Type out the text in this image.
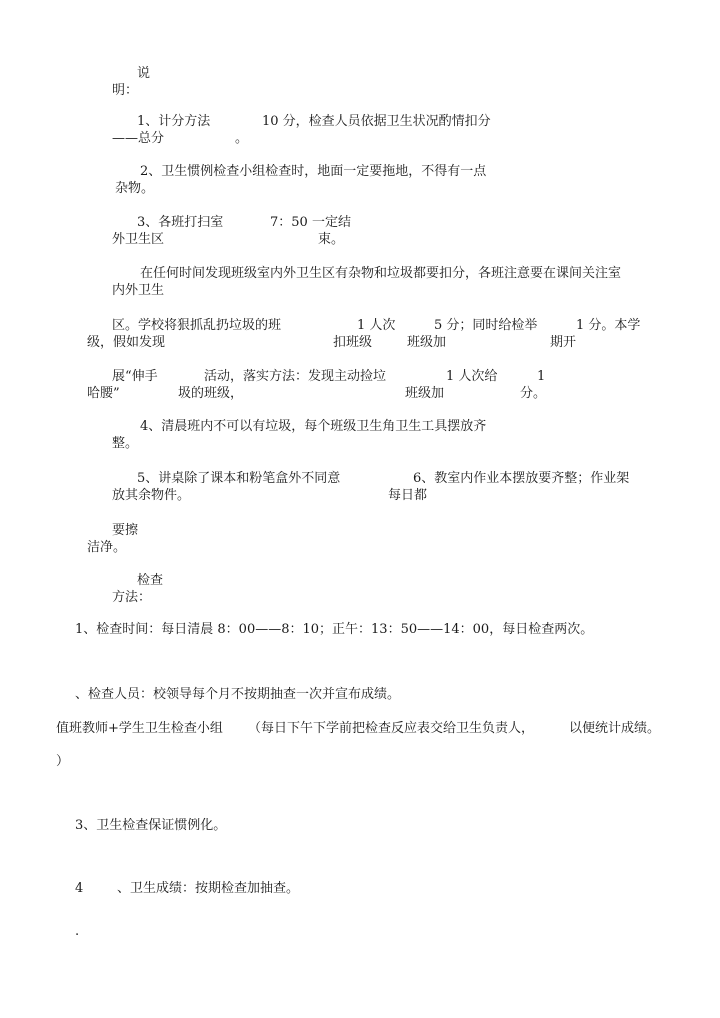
说
明：
1、计分方法	10 分，检查人员依据卫生状况酌情扣分
——总分	。
2、卫生惯例检查小组检查时，地面一定要拖地，不得有一点
杂物。
3、各班打扫室	7：50 一定结
外卫生区	束。
在任何时间发现班级室内外卫生区有杂物和垃圾都要扣分，各班注意要在课间关注室
内外卫生
区。学校将狠抓乱扔垃圾的班	1 人次	5 分；同时给检举	1 分。本学
级，假如发现	扣班级	班级加	期开
展“伸手	活动，落实方法：发现主动捡垃	1 人次给	1
哈腰”	圾的班级，	班级加	分。
4、清晨班内不可以有垃圾，每个班级卫生角卫生工具摆放齐
整。
5、讲桌除了课本和粉笔盒外不同意	6、教室内作业本摆放要齐整；作业架
放其余物件。	每日都
要擦
洁净。
检查
方法：
1、检查时间：每日清晨 8：00——8：10；正午：13：50——14：00，每日检查两次。
、检查人员：校领导每个月不按期抽查一次并宣布成绩。
值班教师+学生卫生检查小组 （每日下午下学前把检查反应表交给卫生负责人，	以便统计成绩。
）
3、卫生检查保证惯例化。
4	、卫生成绩：按期检查加抽查。
.
